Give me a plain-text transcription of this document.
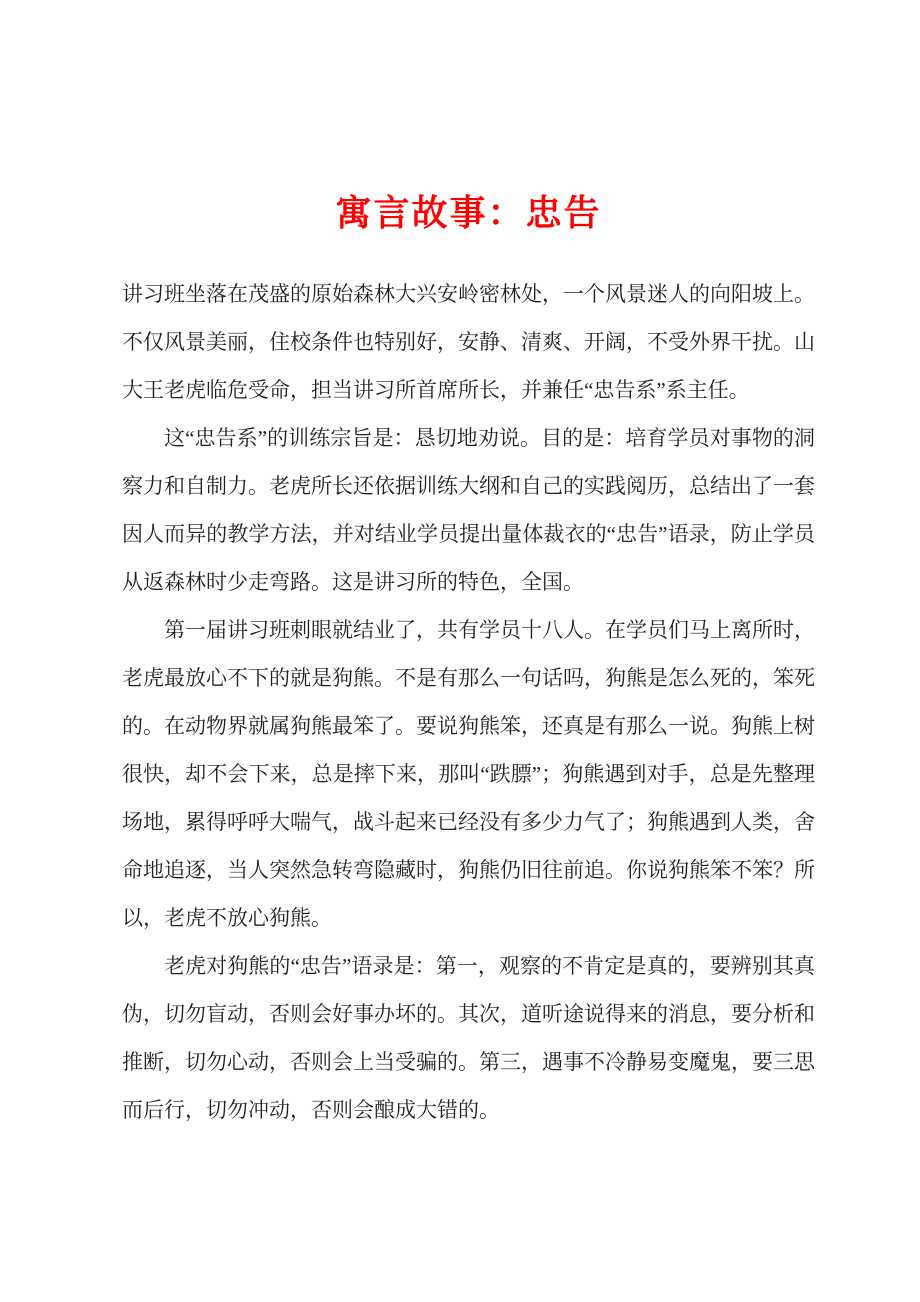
寓言故事：忠告

讲习班坐落在茂盛的原始森林大兴安岭密林处，一个风景迷人的向阳坡上。不仅风景美丽，住校条件也特别好，安静、清爽、开阔，不受外界干扰。山大王老虎临危受命，担当讲习所首席所长，并兼任“忠告系”系主任。

这“忠告系”的训练宗旨是：恳切地劝说。目的是：培育学员对事物的洞察力和自制力。老虎所长还依据训练大纲和自己的实践阅历，总结出了一套因人而异的教学方法，并对结业学员提出量体裁衣的“忠告”语录，防止学员从返森林时少走弯路。这是讲习所的特色，全国。

第一届讲习班刺眼就结业了，共有学员十八人。在学员们马上离所时，老虎最放心不下的就是狗熊。不是有那么一句话吗，狗熊是怎么死的，笨死的。在动物界就属狗熊最笨了。要说狗熊笨，还真是有那么一说。狗熊上树很快，却不会下来，总是摔下来，那叫“跌膘”；狗熊遇到对手，总是先整理场地，累得呼呼大喘气，战斗起来已经没有多少力气了；狗熊遇到人类，舍命地追逐，当人突然急转弯隐藏时，狗熊仍旧往前追。你说狗熊笨不笨？所以，老虎不放心狗熊。

老虎对狗熊的“忠告”语录是：第一，观察的不肯定是真的，要辨别其真伪，切勿盲动，否则会好事办坏的。其次，道听途说得来的消息，要分析和推断，切勿心动，否则会上当受骗的。第三，遇事不冷静易变魔鬼，要三思而后行，切勿冲动，否则会酿成大错的。
